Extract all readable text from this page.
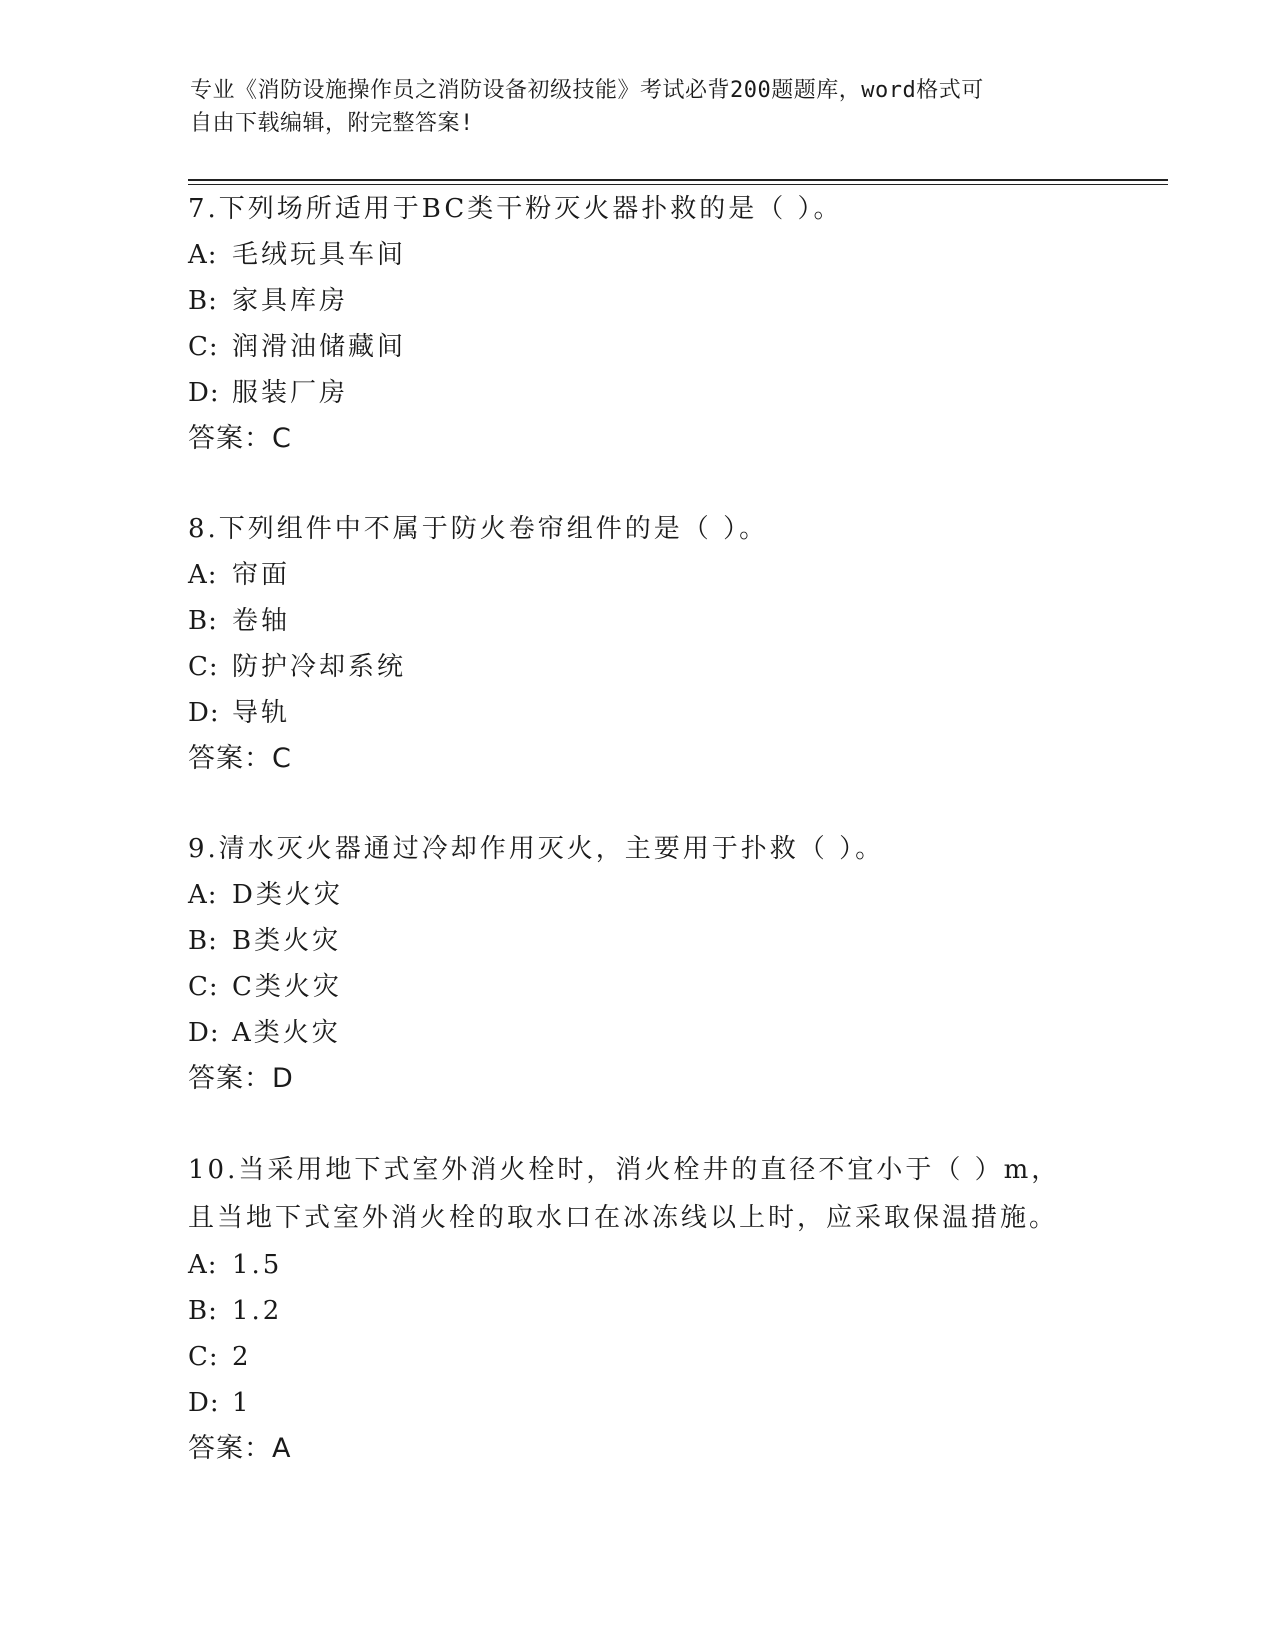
专业《消防设施操作员之消防设备初级技能》考试必背200题题库，word格式可
自由下载编辑，附完整答案!
7.下列场所适用于BC类干粉灭火器扑救的是（ ）。
A: 毛绒玩具车间
B: 家具库房
C: 润滑油储藏间
D: 服装厂房
答案：C
8.下列组件中不属于防火卷帘组件的是（ ）。
A: 帘面
B: 卷轴
C: 防护冷却系统
D: 导轨
答案：C
9.清水灭火器通过冷却作用灭火，主要用于扑救（ ）。
A: D类火灾
B: B类火灾
C: C类火灾
D: A类火灾
答案：D
10.当采用地下式室外消火栓时，消火栓井的直径不宜小于（ ）m，且当地下式室外消火栓的取水口在冰冻线以上时，应采取保温措施。
A: 1.5
B: 1.2
C: 2
D: 1
答案：A
